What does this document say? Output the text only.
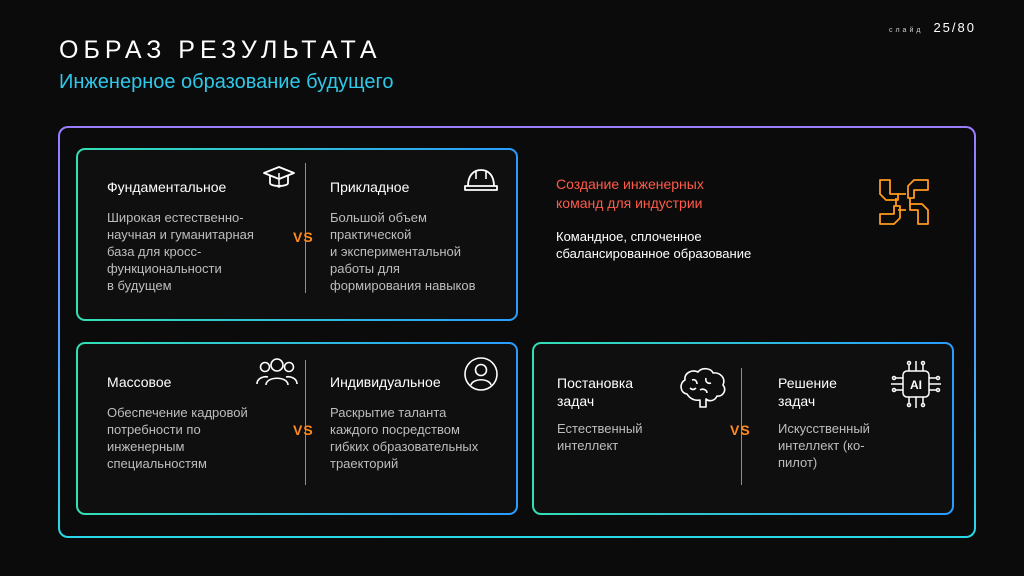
слайд 25/80
ОБРАЗ РЕЗУЛЬТАТА
Инженерное образование будущего
Фундаментальное
Широкая естественно-
научная и гуманитарная
база для кросс-
функциональности
в будущем
VS
Прикладное
Большой объем
практической
и экспериментальной
работы для
формирования навыков
Создание инженерных
команд для индустрии
Командное, сплоченное
сбалансированное образование
Массовое
Обеспечение кадровой
потребности по
инженерным
специальностям
VS
Индивидуальное
Раскрытие таланта
каждого посредством
гибких образовательных
траекторий
Постановка
задач
Естественный
интеллект
VS
Решение
задач
Искусственный
интеллект (ко-
пилот)
AI
